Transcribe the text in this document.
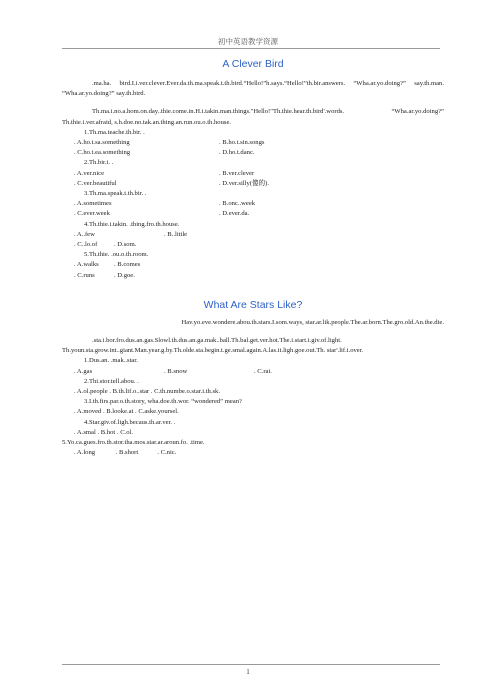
初中英语教学资源
A Clever Bird

.ma.ha. bird.I.i.ver.clever.Ever.da.th.ma.speak.t.th.bird.“Hello!”h.says.“Hello!”th.bir.answers. “Wha.ar.yo.doing?” say.th.man. “Wha.ar.yo.doing?” say.th.bird.

Th.ma.i.no.a.hom.on.day..thie.come.in.H.i.takin.man.things."Hello!"Th.thie.hear.th.bird'.words. “Wha.ar.yo.doing?” Th.thie.i.ver.afraid, s.h.doe.no.tak.an.thing.an.run.ou.o.th.house.

1.Th.ma.teache.th.bir. .

. A.ho.t.sa.something	. B.ho.t.sin.songs

. C.ho.t.ea.something	. D.ho.t.danc.

2.Th.bir.i. .

. A.ver.nice	. B.ver.clever

. C.ver.beautiful	. D.ver.silly(傻的).

3.Th.ma.speak.t.th.bir. .

. A.sometimes	. B.onc..week

. C.ever.week	. D.ever.da.

4.Th.thie.i.takin. .thing.fro.th.house.

. A..few	. B..little

. C..lo.of	. D.som.

5.Th.thie. .ou.o.th.room.

. A.walks . B.comes

. C.runs	. D.goe.

What Are Stars Like?

Hav.yo.eve.wondere.abou.th.stars.I.som.ways, star.ar.lik.people.The.ar.born.The.gro.old.An.the.die.

.sta.i.bor.fro.dus.an.gas.Slowl.th.dus.an.ga.mak..ball.Th.bal.get.ver.hot.The.i.start.t.giv.of.light. Th.youn.sta.grow.int..giant.Man.year.g.by.Th.olde.sta.begin.t.ge.smal.again.A.las.it.ligh.goe.out.Th. star'.lif.i.over.

1.Dus.an. .mak..star.

. A.gas	. B.snow	. C.rai.

2.Thi.stor.tell.abou. .

. A.ol.people . B.th.lif.o..star . C.th.numbe.o.star.i.th.sk.

3.I.th.firs.par.o.th.story, wha.doe.th.wor. “wondered” mean?

. A.moved . B.looke.at . C.aske.yoursel.

4.Star.giv.of.ligh.becaus.th.ar.ver. .

. A.smal . B.hot . C.ol.

5.Yo.ca.gues.fro.th.stor.tha.mos.star.ar.aroun.fo. .time.

. A.long	. B.short	. C.nic.

1
